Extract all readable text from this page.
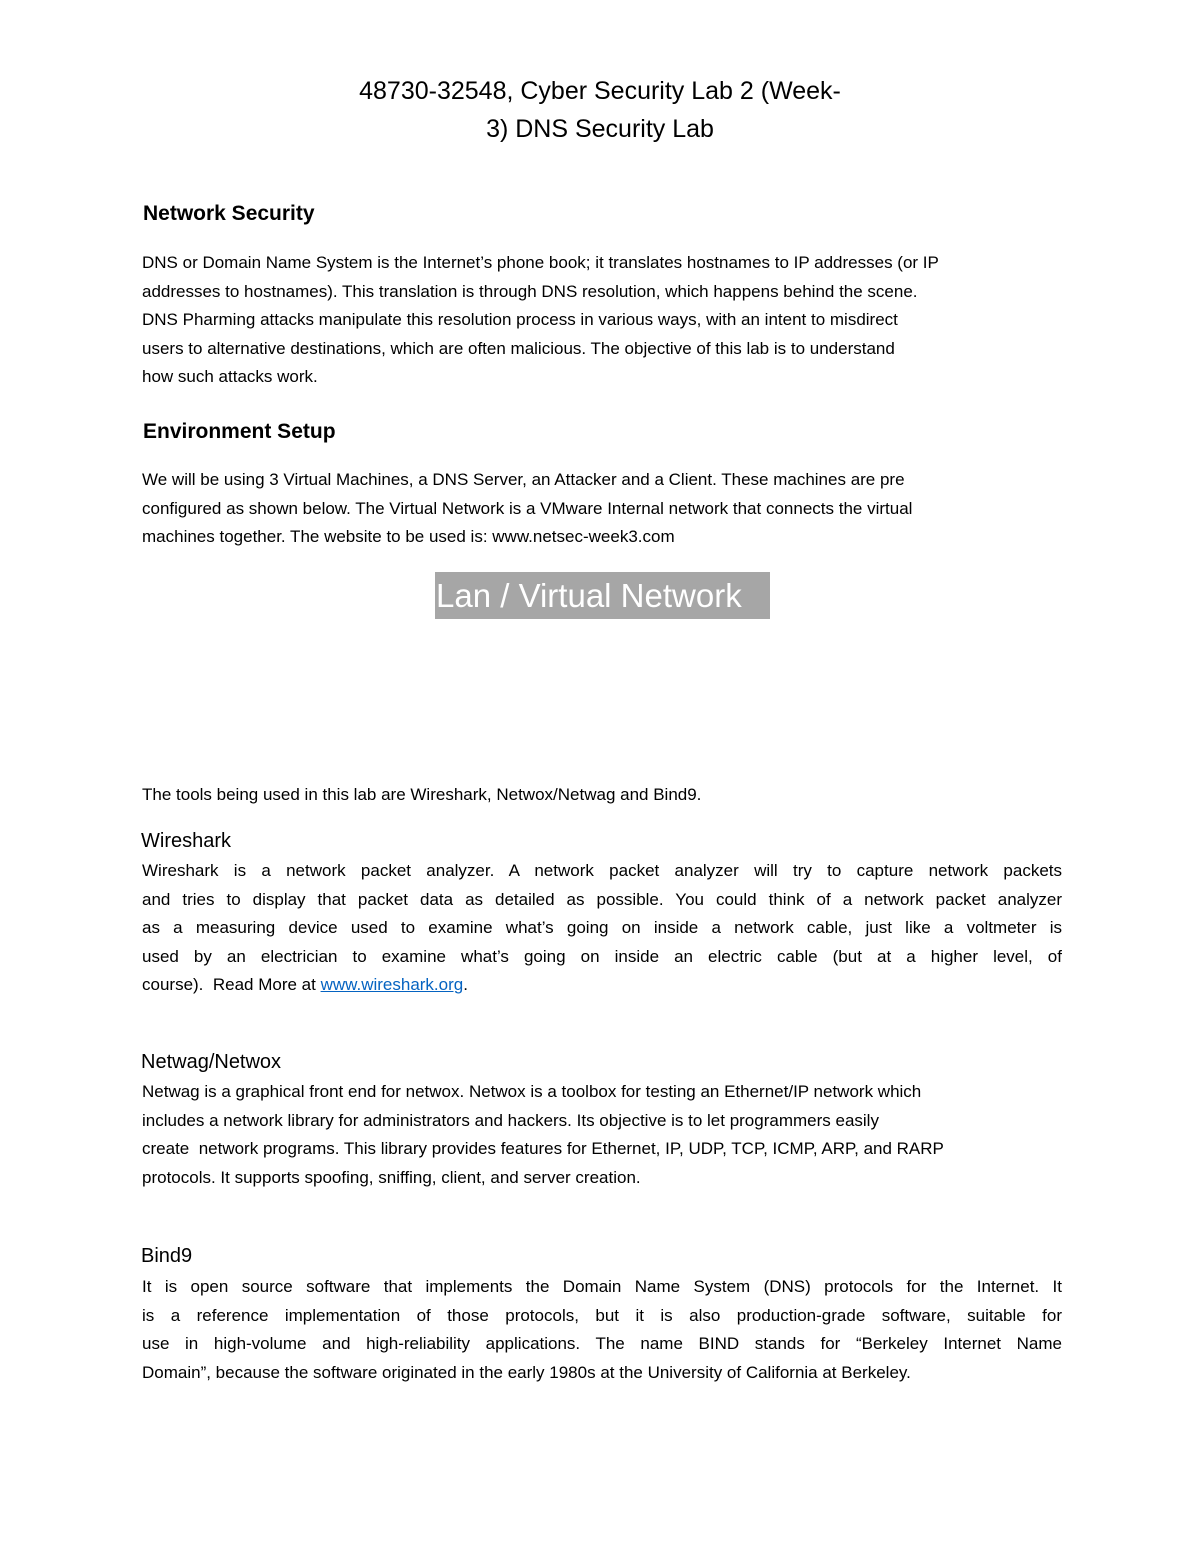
48730-32548, Cyber Security Lab 2 (Week-
3) DNS Security Lab
Network Security
DNS or Domain Name System is the Internet’s phone book; it translates hostnames to IP addresses (or IP
addresses to hostnames). This translation is through DNS resolution, which happens behind the scene.
DNS Pharming attacks manipulate this resolution process in various ways, with an intent to misdirect
users to alternative destinations, which are often malicious. The objective of this lab is to understand
how such attacks work.
Environment Setup
We will be using 3 Virtual Machines, a DNS Server, an Attacker and a Client. These machines are pre
configured as shown below. The Virtual Network is a VMware Internal network that connects the virtual
machines together. The website to be used is: www.netsec-week3.com
Lan / Virtual Network
The tools being used in this lab are Wireshark, Netwox/Netwag and Bind9.
Wireshark
Wireshark is a network packet analyzer. A network packet analyzer will try to capture network packets
and tries to display that packet data as detailed as possible. You could think of a network packet analyzer
as a measuring device used to examine what’s going on inside a network cable, just like a voltmeter is
used by an electrician to examine what’s going on inside an electric cable (but at a higher level, of
course).  Read More at www.wireshark.org.
Netwag/Netwox
Netwag is a graphical front end for netwox. Netwox is a toolbox for testing an Ethernet/IP network which
includes a network library for administrators and hackers. Its objective is to let programmers easily
create  network programs. This library provides features for Ethernet, IP, UDP, TCP, ICMP, ARP, and RARP
protocols. It supports spoofing, sniffing, client, and server creation.
Bind9
It is open source software that implements the Domain Name System (DNS) protocols for the Internet. It
is a reference implementation of those protocols, but it is also production-grade software, suitable for
use in high-volume and high-reliability applications. The name BIND stands for “Berkeley Internet Name
Domain”, because the software originated in the early 1980s at the University of California at Berkeley.
